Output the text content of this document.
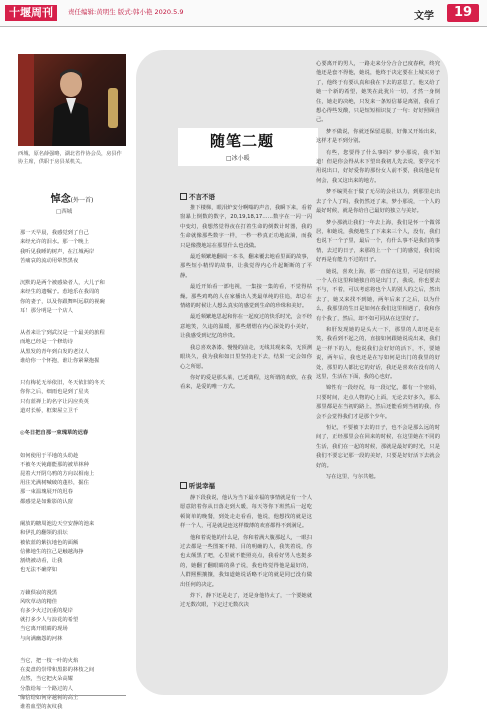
十堰周刊	责任编辑:黄明生 版式:韩小艳 2020.5.9	文学	19
西城，原名薛强略，湖北省作协会员，房县作协主席，供职于房县某机关。
悼念(外一首)
□西城

那一天早晨，我感觉到了自己
来经允许的泪水。那一个晚上
我听见我睡的树声，在江城两岸
苦痛哀的流动用晕然黑夜

沉默的是两个被感染者人，大儿子和
来经生的遗嘱子。惹地乐在我周的
你的妻子，以及你跟舞叫远联的视碗
耳！那分明是一个店人

从者来让宁到武汉是一个最美的旅程
而地已经是一个修幼诗
从黑发的青年到白发的老汉人
谁给你一个怀抱，谁让你紧紧抱握

只有梅花无举依旧，冬天依旧的冬天
你你之后，细雨也是到了星夹
只有蓝禅上的名字让闪应英英
道对长桥，框架屋立卫千

◎冬日把自那一束瑰草的迟春

如何使用于平地的头幼趁
不被冬天钝藉能那的被草林种
昆着大开阴乌鸦的方向以相南上
用注光满树喊破的蓬杉，掘住
那一束温瑰展开的迟春
都感觉是如紫影的认窗

阑放的糖周池边天空安静的池来
和伊扎的翻领的涓坛
被依蓝的紫抗地色的面额
信佛地生的拉己是触越海挣
割绕被动看，让我
也无法不确穿如

万籁俱寂的漫黑
风吹草动的精佳
有多少火过沉重的堤岸
就打多少人与浪花的希望
当它离开眼睛的现场
与向满幽怨的河林

当它，把一枝一叶的火焰
在麦盘的崇带和黑影的林枝之间
点然，当它把火朵高耀
分散给每一个路过的人
像信给如何穿越树的高土
谁着血型的灰纹我

随笔二题
□冰小暖
不言不语

推下楼梯，眼泪炉安分啊嗡的声音，我瞬下来，看着窗暴上倒数的数字，20,19,18,17……数字在一闪一闪中变幻，我想然觉得夜在打着生命的倒数计时器，我的生命就像那些数字一样，一秒一秒真正功地流淌，而我只是像搜地站在那里什么也没做。

最近频繁地翻阅一本书，翻来覆去地看里面的故事，那些短小精悍的故事，让我觉得内心升起断断的了平静。

最近开始看一部电视，一集接一集的看，不觉得枯燥。那些鸡鸣的人在家播出人类最单纯的往追，却总在情绪的时候让人想么真实的感觉到生命的珍珠和美好。

最近频繁地思起和你在一起度过的快乐时光，会不经意地笑，久违的温暖，那些熠熠在内心深处的小美好，让我感受到记忆的珍贵。

我总喜欢条漆、慢慢的前走，无线其观来菜，无顶测眼块久，我为我和如日里坚持走下去，结果一定会如你心之所愿。

你好的爱是那头莱，已近离程，这所谓的欢欣，在我看来，是爱的唯一方式。

听说幸福

静下段我说，他认为当下最幸福的事情就是有一个人愿意陪着你从日落走到大暖，每天等你下班然后一起吃顿简单的晚餐，到处走走看看，他说，他想找的就是这样一个人，可是就是连这样微薄的欢喜都得不到满足。

他和着说他的什么是，你和着满大腹那起人，一眼扫过去都是一些图案不精、目的明确的人，我笑着说，你也太颠黑了吧，心里就不能照亮点，我看好男人也挺多的，她翻了翻眼睛的鼻子说，我也终觉得他是最好的，人群熙熙攘攘，我知道她说话略不定的就是同已没有做出任何的决定。

炸下，静下还是走了，还是身他待太了，一个要她就过无数次眼，下定过无数次决

心要离开的男人，一路走来分分合合已度春秋，终究他还是套不得他，她说，他终于决定要在上城买房子了，他终于有要认真和我在下去的意思了，他又给了她一个新的希望，她笑在此犹片一切，才然一身倒住，她走的决绝，只发来一条短信幕是离别，我看了想心得些发酸，只是短短相识复了一句：好好照顾自己。

梦不做说，你就还保留巡服，好像又开始出来，这样才是不到分别。

有些，您要得了什么事吗？梦小那说，我不知道！但是你会得从未下望出我初儿先去说，要学完不用说出口，好好爱你的那份女人前不要，我说他是有何会，我又这出来的地方。

梦不编哭在于做了无尽的会社以力，到那里走出去了个人了吗，我仍然还了来，梦小那说，一个人的最好时候，就是你给自己最好的独立与美好。

梦小那就让我们一年去上海，我们是怀一个做邻居，和她说，我便地生了下来来三个人，没有，我们也说下一个子里，最后一个，有什么事不是我们的事情，去过的日子，来那的上一个一门的感觉，我们说好再是有能力不过的日子。

她说，喜欢上海，那一直留在这里，可是有时候一个人在这里和她独自的是出门了，我说，你也要去不与，不着，可以考虑将也个人的别人的之后，然出去了，她又来找不到她，两年后来了之后，以为什么，我那里的生日是如何在我们这里相遇了，我和你有个我了，然后，却不如可同从在这里好了。

和肝发现她的是头大一下，那里的人却还是在笑，我看到不起之的，直接如何跟她说说出来，我们是一样下的人，他说我们会好好的活下，不，要她说，两年后，我也还是在写如何是出门的我里的好处，那里的人都比它的好话，我还是喜欢在没有的人这里，生活在下面，我的心也好。

锦性有一段经况，每一段记忆，都有一个密码，只要时间，走点人物的心上面，无论去好多久，那么那里都是在当初的路上，然后还能看到当初的我，你会不会觉得我们才是那个少年。

恒记，不要被下去的日子，也不会是那么远的时间了，正经那里会在回来的时候，在这里她在不同的生活，我们在一起的时候，那就是最好的时光，只是我们不要忘记那一段的美好，只要是好好活下去就会好的。

写在这里，与尔共勉。
